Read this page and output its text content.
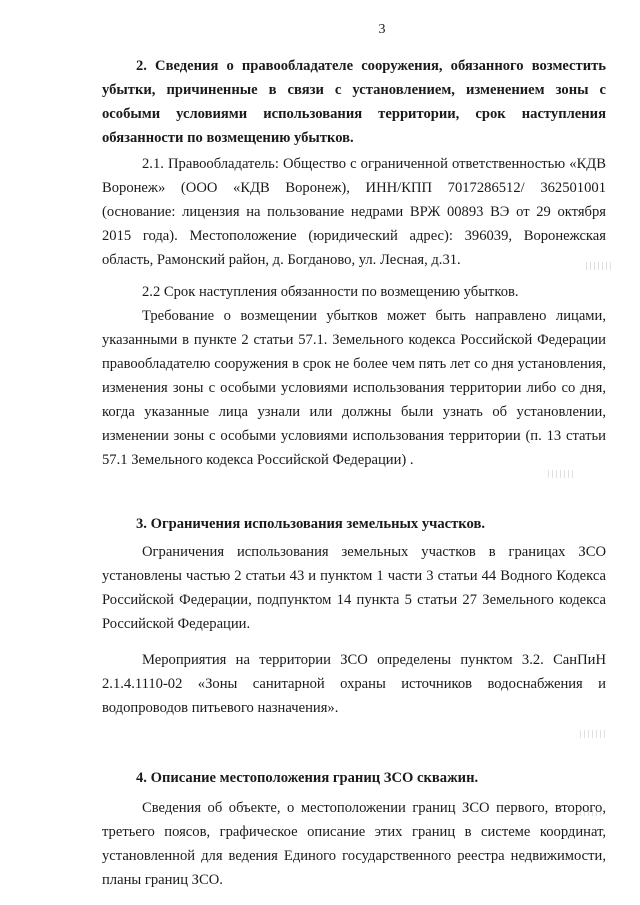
3

2. Сведения о правообладателе сооружения, обязанного возместить убытки, причиненные в связи с установлением, изменением зоны с особыми условиями использования территории, срок наступления обязанности по возмещению убытков.

2.1. Правообладатель: Общество с ограниченной ответственностью «КДВ Воронеж» (ООО «КДВ Воронеж), ИНН/КПП 7017286512/ 362501001 (основание: лицензия на пользование недрами ВРЖ 00893 ВЭ от 29 октября 2015 года). Местоположение (юридический адрес): 396039, Воронежская область, Рамонский район, д. Богданово, ул. Лесная, д.31.

2.2 Срок наступления обязанности по возмещению убытков.

Требование о возмещении убытков может быть направлено лицами, указанными в пункте 2 статьи 57.1. Земельного кодекса Российской Федерации правообладателю сооружения в срок не более чем пять лет со дня установления, изменения зоны с особыми условиями использования территории либо со дня, когда указанные лица узнали или должны были узнать об установлении, изменении зоны с особыми условиями использования территории (п. 13 статьи 57.1 Земельного кодекса Российской Федерации) .

3. Ограничения использования земельных участков.

Ограничения использования земельных участков в границах ЗСО установлены частью 2 статьи 43 и пунктом 1 части 3 статьи 44 Водного Кодекса Российской Федерации, подпунктом 14 пункта 5 статьи 27 Земельного кодекса Российской Федерации.

Мероприятия на территории ЗСО определены пунктом 3.2. СанПиН 2.1.4.1110-02 «Зоны санитарной охраны источников водоснабжения и водопроводов питьевого назначения».

4. Описание местоположения границ ЗСО скважин.

Сведения об объекте, о местоположении границ ЗСО первого, второго, третьего поясов, графическое описание этих границ в системе координат, установленной для ведения Единого государственного реестра недвижимости, планы границ ЗСО.
